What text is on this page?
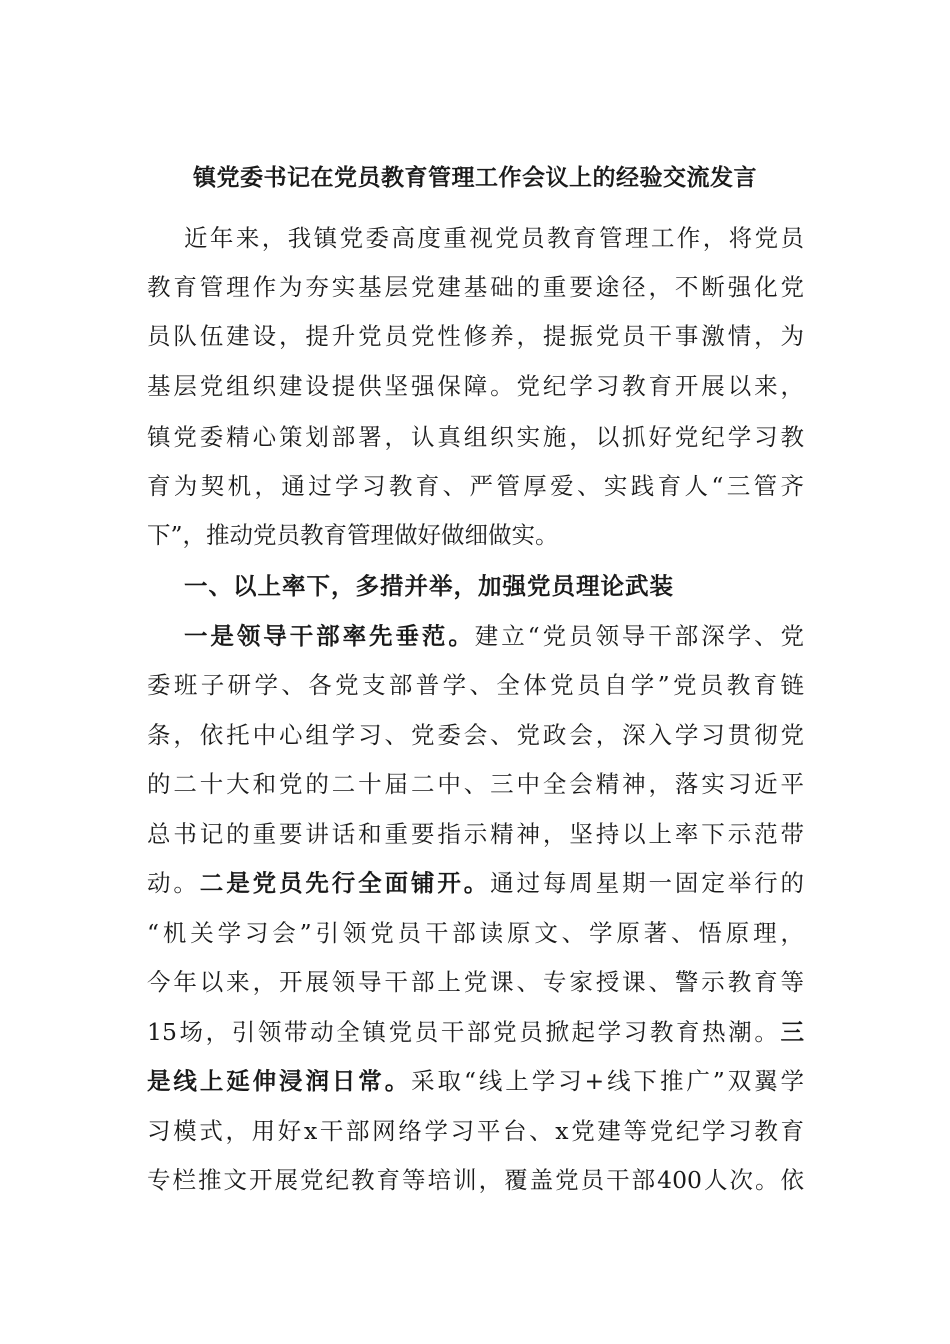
镇党委书记在党员教育管理工作会议上的经验交流发言
近年来，我镇党委高度重视党员教育管理工作，将党员
教育管理作为夯实基层党建基础的重要途径，不断强化党
员队伍建设，提升党员党性修养，提振党员干事激情，为
基层党组织建设提供坚强保障。党纪学习教育开展以来，
镇党委精心策划部署，认真组织实施，以抓好党纪学习教
育为契机，通过学习教育、严管厚爱、实践育人“三管齐
下”，推动党员教育管理做好做细做实。
一、以上率下，多措并举，加强党员理论武装
一是领导干部率先垂范。建立“党员领导干部深学、党
委班子研学、各党支部普学、全体党员自学”党员教育链
条，依托中心组学习、党委会、党政会，深入学习贯彻党
的二十大和党的二十届二中、三中全会精神，落实习近平
总书记的重要讲话和重要指示精神，坚持以上率下示范带
动。二是党员先行全面铺开。通过每周星期一固定举行的
“机关学习会”引领党员干部读原文、学原著、悟原理，
今年以来，开展领导干部上党课、专家授课、警示教育等
15场，引领带动全镇党员干部党员掀起学习教育热潮。三
是线上延伸浸润日常。采取“线上学习+线下推广”双翼学
习模式，用好x干部网络学习平台、x党建等党纪学习教育
专栏推文开展党纪教育等培训，覆盖党员干部400人次。依
